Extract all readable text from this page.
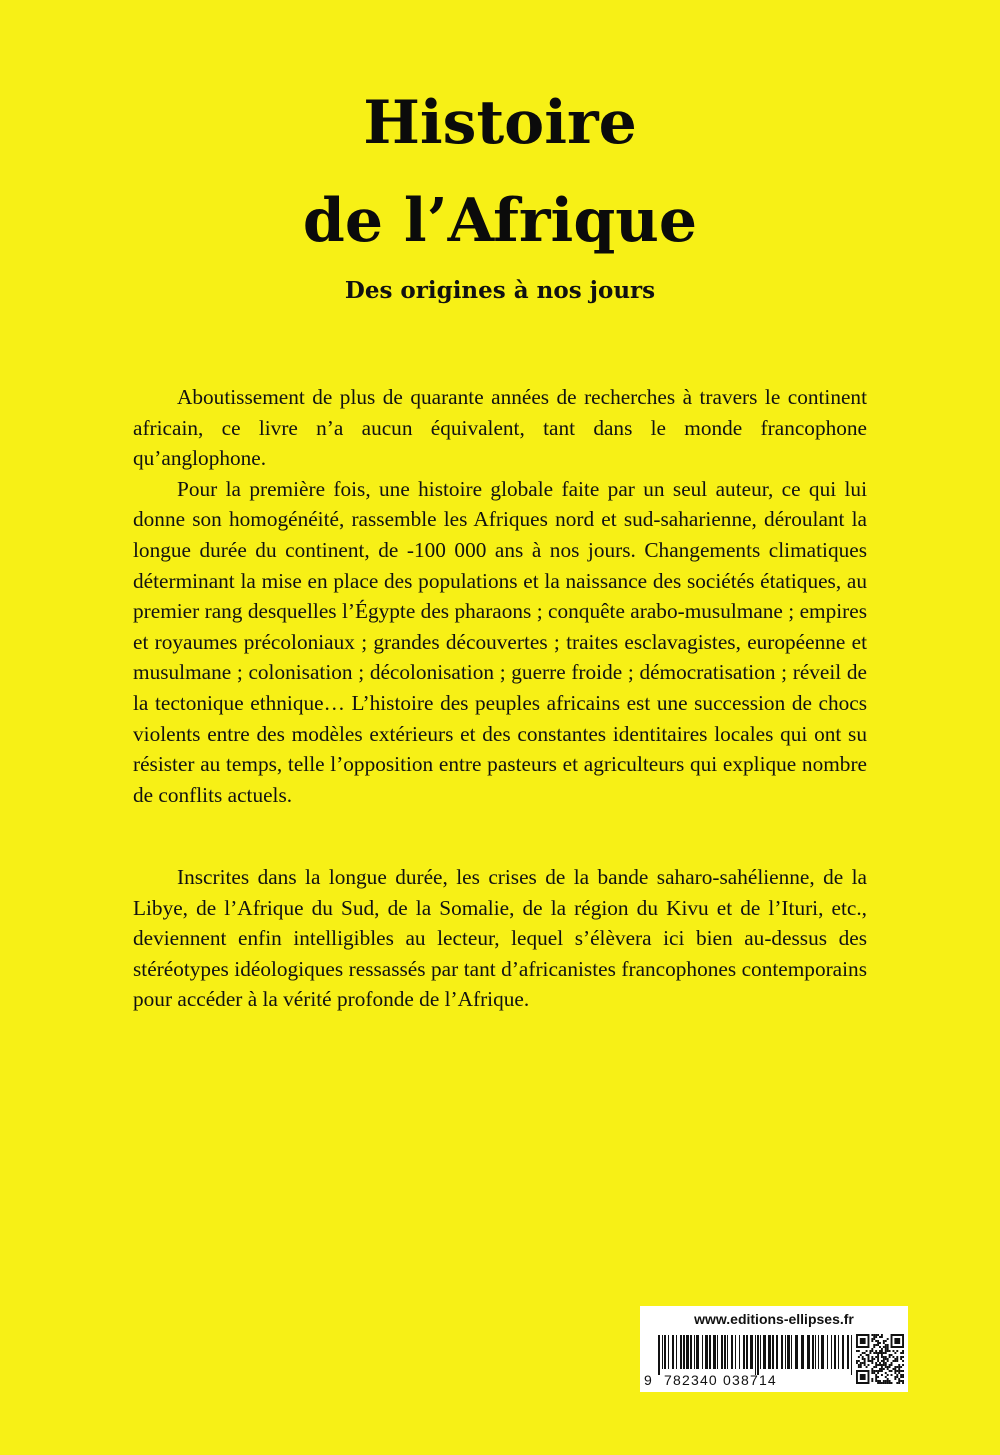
Histoire
de l’Afrique
Des origines à nos jours

Aboutissement de plus de quarante années de recherches à travers le continent africain, ce livre n’a aucun équivalent, tant dans le monde francophone qu’anglophone.

Pour la première fois, une histoire globale faite par un seul auteur, ce qui lui donne son homogénéité, rassemble les Afriques nord et sud-saharienne, déroulant la longue durée du continent, de -100 000 ans à nos jours. Changements climatiques déterminant la mise en place des populations et la naissance des sociétés étatiques, au premier rang desquelles l’Égypte des pharaons ; conquête arabo-musulmane ; empires et royaumes précoloniaux ; grandes découvertes ; traites esclavagistes, européenne et musulmane ; colonisation ; décolonisation ; guerre froide ; démocratisation ; réveil de la tectonique ethnique… L’histoire des peuples africains est une succession de chocs violents entre des modèles extérieurs et des constantes identitaires locales qui ont su résister au temps, telle l’opposition entre pasteurs et agriculteurs qui explique nombre de conflits actuels.

Inscrites dans la longue durée, les crises de la bande saharo-sahélienne, de la Libye, de l’Afrique du Sud, de la Somalie, de la région du Kivu et de l’Ituri, etc., deviennent enfin intelligibles au lecteur, lequel s’élèvera ici bien au-dessus des stéréotypes idéologiques ressassés par tant d’africanistes francophones contemporains pour accéder à la vérité profonde de l’Afrique.

www.editions-ellipses.fr
9 782340 038714
